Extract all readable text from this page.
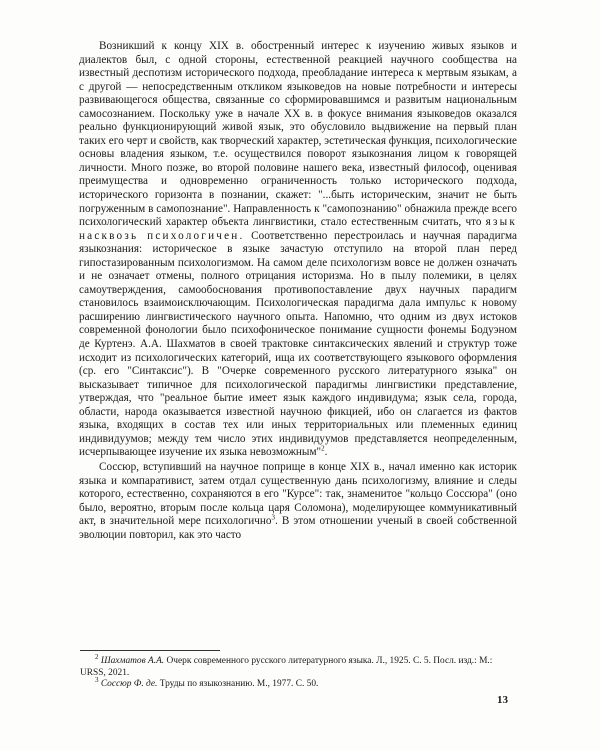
Возникший к концу XIX в. обостренный интерес к изучению живых языков и диалектов был, с одной стороны, естественной реакцией научного сообщества на известный деспотизм исторического подхода, преобладание интереса к мертвым языкам, а с другой — непосредственным откликом языковедов на новые потребности и интересы развивающегося общества, связанные со сформировавшимся и развитым национальным самосознанием. Поскольку уже в начале XX в. в фокусе внимания языковедов оказался реально функционирующий живой язык, это обусловило выдвижение на первый план таких его черт и свойств, как творческий характер, эстетическая функция, психологические основы владения языком, т.е. осуществился поворот языкознания лицом к говорящей личности. Много позже, во второй половине нашего века, известный философ, оценивая преимущества и одновременно ограниченность только исторического подхода, исторического горизонта в познании, скажет: "...быть историческим, значит не быть погруженным в самопознание". Направленность к "самопознанию" обнажила прежде всего психологический характер объекта лингвистики, стало естественным считать, что язык насквозь психологичен. Соответственно перестроилась и научная парадигма языкознания: историческое в языке зачастую отступило на второй план перед гипостазированным психологизмом. На самом деле психологизм вовсе не должен означать и не означает отмены, полного отрицания историзма. Но в пылу полемики, в целях самоутверждения, самообоснования противопоставление двух научных парадигм становилось взаимоисключающим. Психологическая парадигма дала импульс к новому расширению лингвистического научного опыта. Напомню, что одним из двух истоков современной фонологии было психофоническое понимание сущности фонемы Бодуэном де Куртенэ. А.А. Шахматов в своей трактовке синтаксических явлений и структур тоже исходит из психологических категорий, ища их соответствующего языкового оформления (ср. его "Синтаксис"). В "Очерке современного русского литературного языка" он высказывает типичное для психологической парадигмы лингвистики представление, утверждая, что "реальное бытие имеет язык каждого индивидума; язык села, города, области, народа оказывается известной научною фикцией, ибо он слагается из фактов языка, входящих в состав тех или иных территориальных или племенных единиц индивидуумов; между тем число этих индивидуумов представляется неопределенным, исчерпывающее изучение их языка невозможным"$^2$.

Соссюр, вступивший на научное поприще в конце XIX в., начал именно как историк языка и компаративист, затем отдал существенную дань психологизму, влияние и следы которого, естественно, сохраняются в его "Курсе": так, знаменитое "кольцо Соссюра" (оно было, вероятно, вторым после кольца царя Соломона), моделирующее коммуникативный акт, в значительной мере психологично$^3$. В этом отношении ученый в своей собственной эволюции повторил, как это часто

$^2$ Шахматов А.А. Очерк современного русского литературного языка. Л., 1925. С. 5. Посл. изд.: М.: URSS, 2021.

$^3$ Соссюр Ф. де. Труды по языкознанию. М., 1977. С. 50.

13
